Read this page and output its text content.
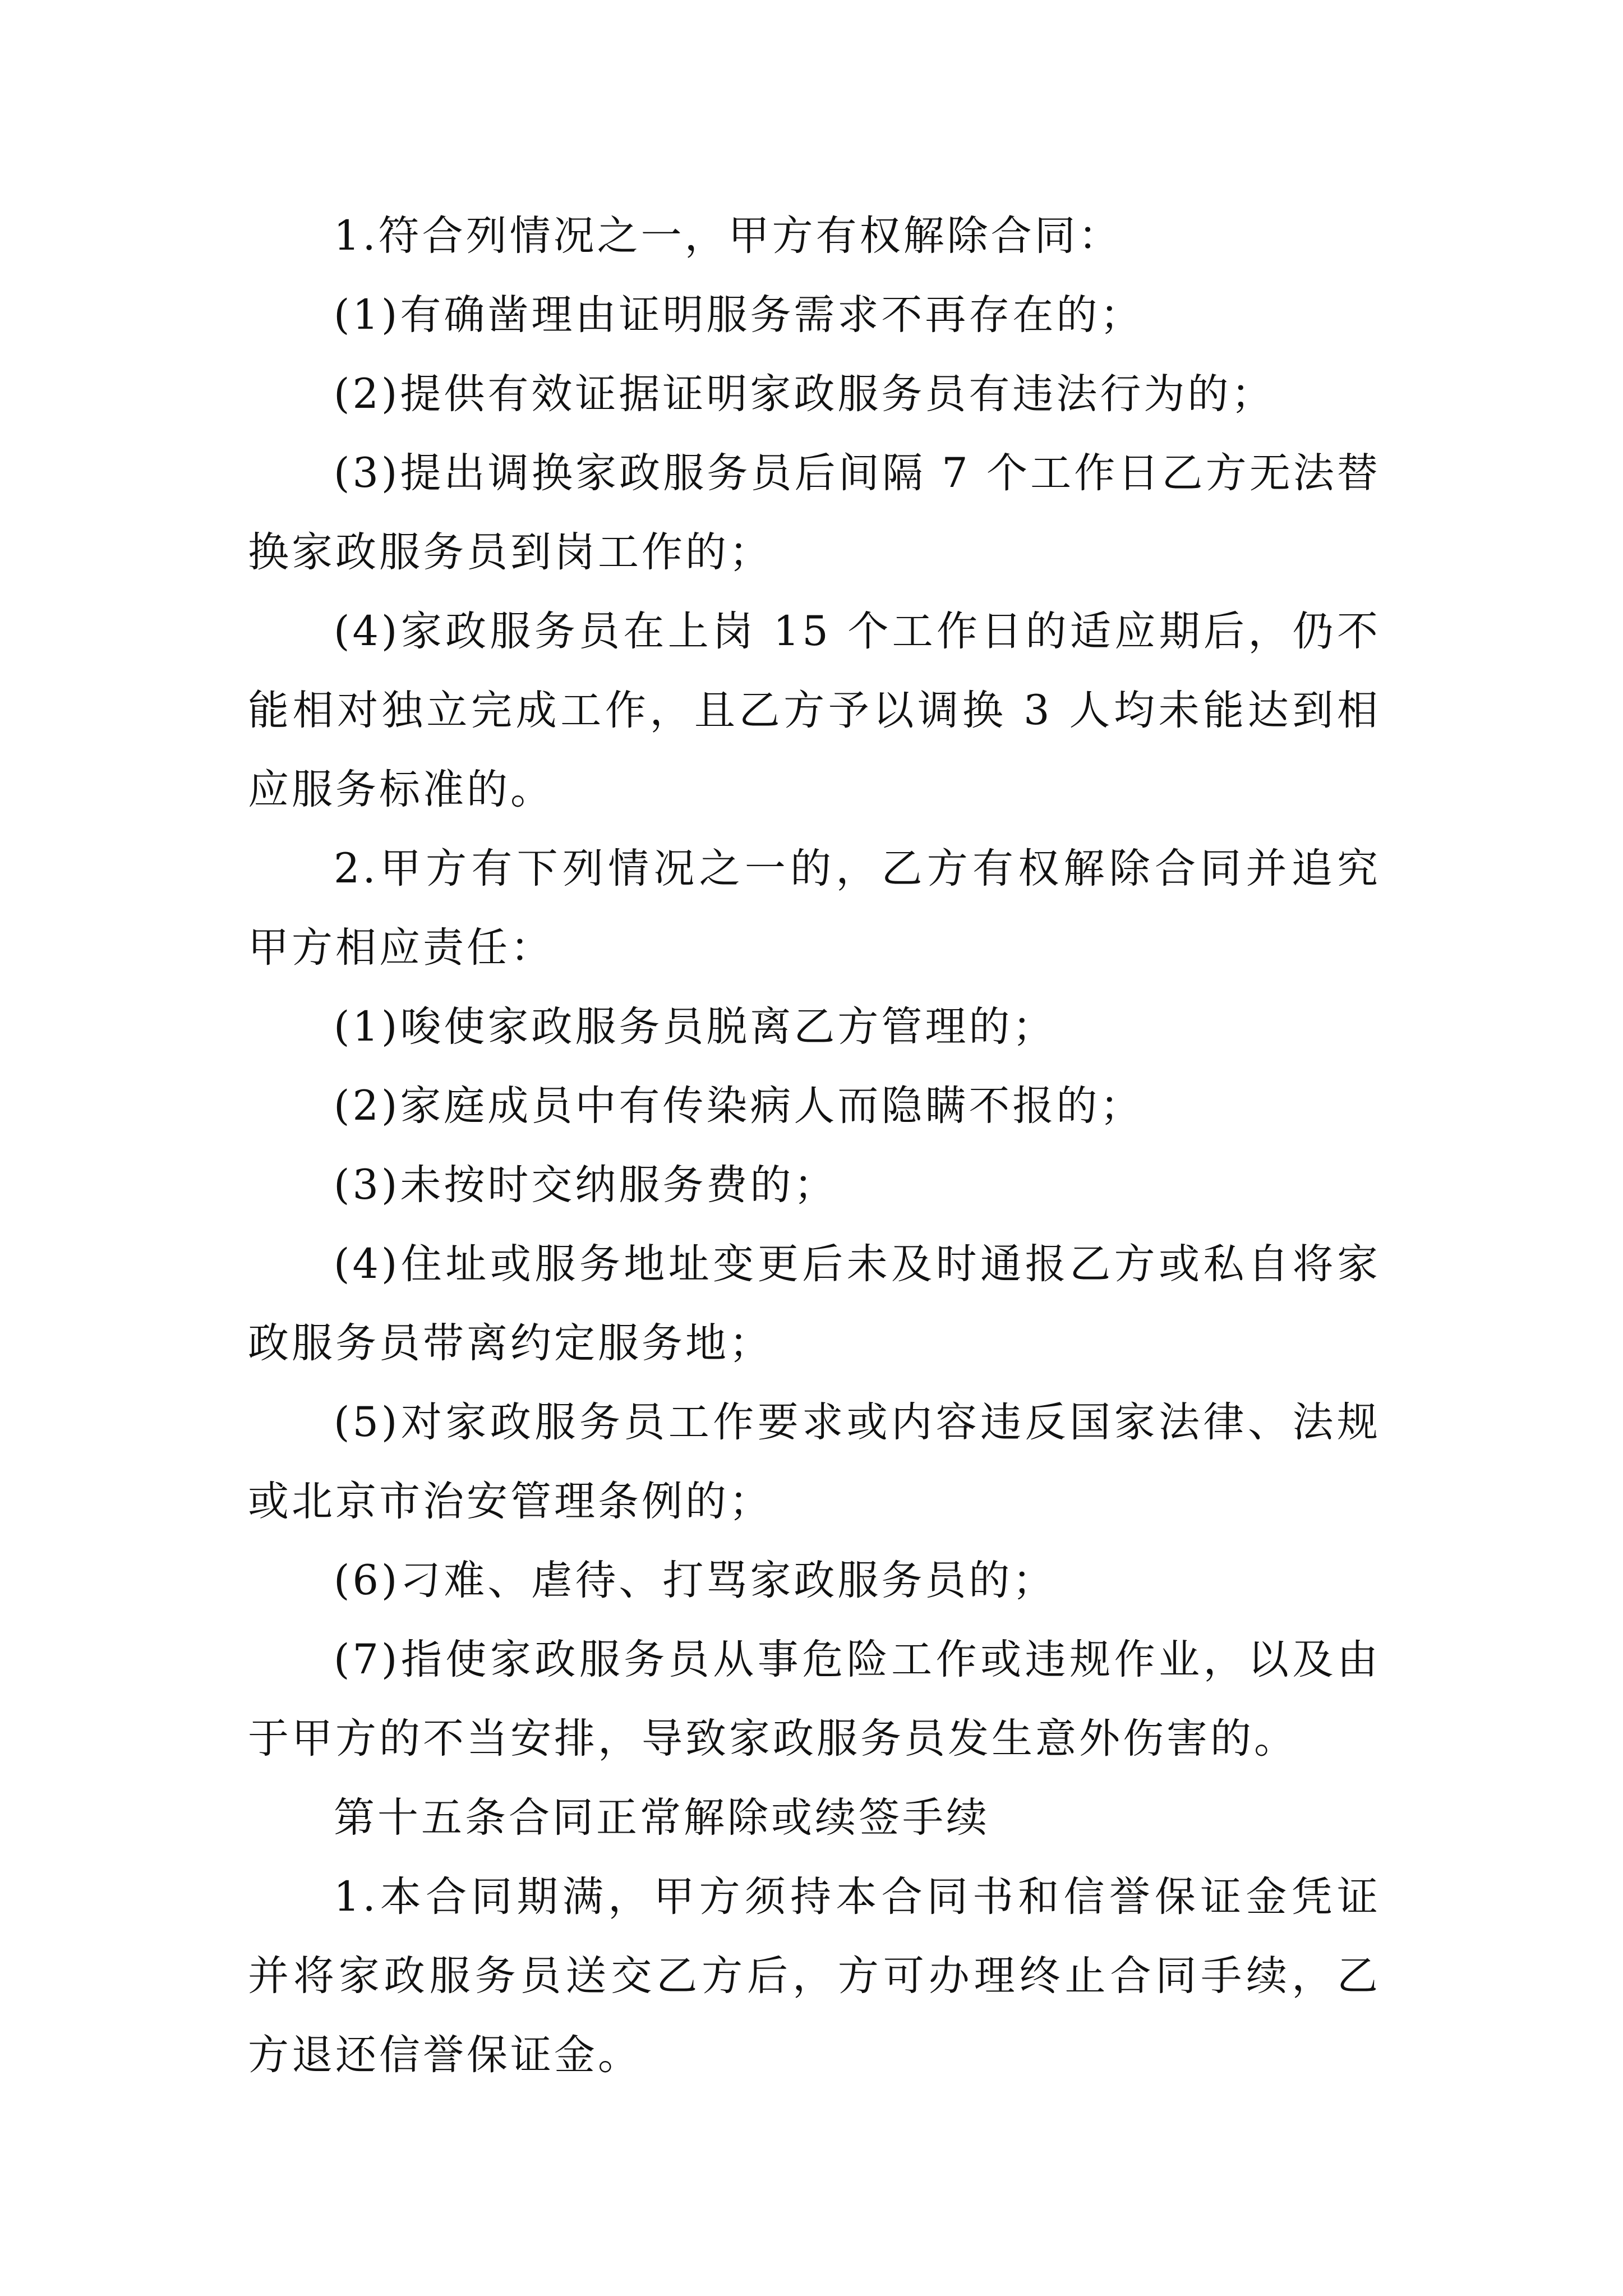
1.符合列情况之一，甲方有权解除合同：

(1)有确凿理由证明服务需求不再存在的；

(2)提供有效证据证明家政服务员有违法行为的；

(3)提出调换家政服务员后间隔 7 个工作日乙方无法替换家政服务员到岗工作的；

(4)家政服务员在上岗 15 个工作日的适应期后，仍不能相对独立完成工作，且乙方予以调换 3 人均未能达到相应服务标准的。

2.甲方有下列情况之一的，乙方有权解除合同并追究甲方相应责任：

(1)唆使家政服务员脱离乙方管理的；

(2)家庭成员中有传染病人而隐瞒不报的；

(3)未按时交纳服务费的；

(4)住址或服务地址变更后未及时通报乙方或私自将家政服务员带离约定服务地；

(5)对家政服务员工作要求或内容违反国家法律、法规或北京市治安管理条例的；

(6)刁难、虐待、打骂家政服务员的；

(7)指使家政服务员从事危险工作或违规作业，以及由于甲方的不当安排，导致家政服务员发生意外伤害的。

第十五条合同正常解除或续签手续

1.本合同期满，甲方须持本合同书和信誉保证金凭证并将家政服务员送交乙方后，方可办理终止合同手续，乙方退还信誉保证金。
